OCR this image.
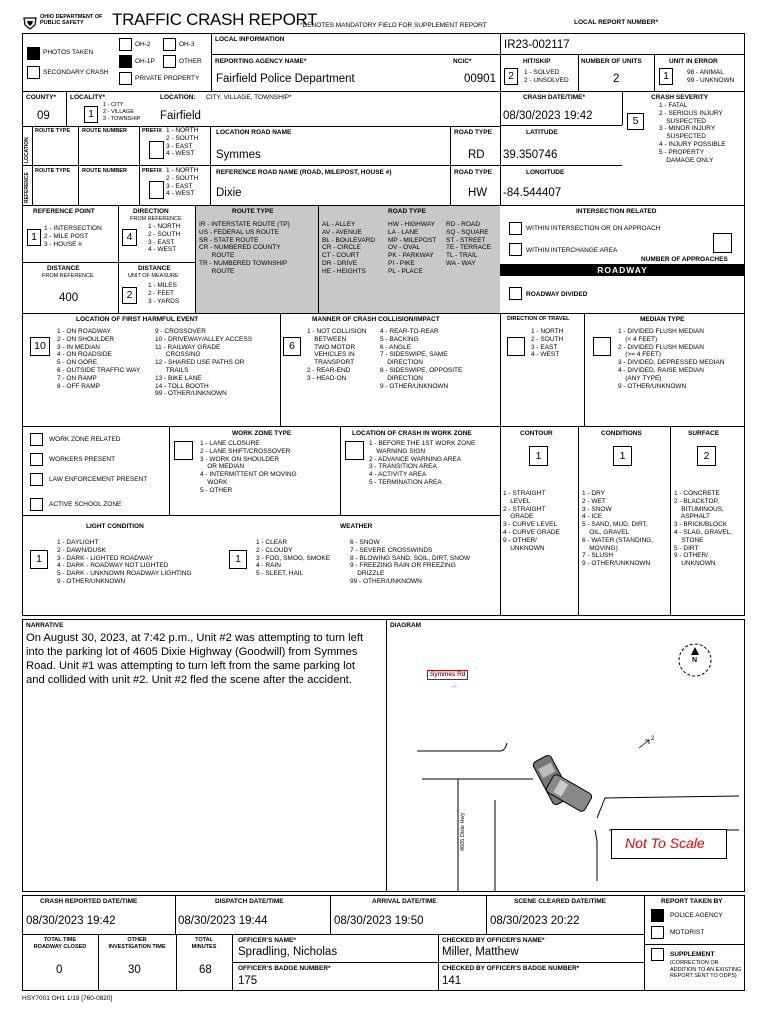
OHIO DEPARTMENT OF PUBLIC SAFETY	TRAFFIC CRASH REPORT
*DENOTES MANDATORY FIELD FOR SUPPLEMENT REPORT	LOCAL REPORT NUMBER*
PHOTOS TAKEN
OH-2	OH-3
OH-1P	OTHER
SECONDARY CRASH
PRIVATE PROPERTY
LOCAL INFORMATION
REPORTING AGENCY NAME*	NCIC*
Fairfield Police Department	00901
IR23-002117
HIT/SKIP
2	1 - SOLVED
2 - UNSOLVED
NUMBER OF UNITS
2
UNIT IN ERROR
1	98 - ANIMAL
99 - UNKNOWN
COUNTY*
09
LOCALITY*
1
1 - CITY
2 - VILLAGE
3 - TOWNSHIP
LOCATION: CITY, VILLAGE, TOWNSHIP*
Fairfield
CRASH DATE/TIME*
08/30/2023 19:42
CRASH SEVERITY
5
1 - FATAL
2 - SERIOUS INJURY
SUSPECTED
3 - MINOR INJURY
SUSPECTED
4 - INJURY POSSIBLE
5 - PROPERTY
DAMAGE ONLY
LOCATION
ROUTE TYPE ROUTE NUMBER	PREFIX 1 - NORTH
2 - SOUTH
3 - EAST
4 - WEST
LOCATION ROAD NAME	ROAD TYPE
Symmes	RD
LATITUDE
39.350746
REFERENCE
ROUTE TYPE ROUTE NUMBER	PREFIX 1 - NORTH
2 - SOUTH
3 - EAST
4 - WEST
REFERENCE ROAD NAME (ROAD, MILEPOST, HOUSE #)	ROAD TYPE
Dixie	HW
LONGITUDE
-84.544407
REFERENCE POINT
1
1 - INTERSECTION
2 - MILE POST
3 - HOUSE #
DIRECTION
FROM REFERENCE
4
1 - NORTH
2 - SOUTH
3 - EAST
4 - WEST
DISTANCE
FROM REFERENCE
400
DISTANCE
UNIT OF MEASURE
2
1 - MILES
2 - FEET
3 - YARDS
ROUTE TYPE
IR - INTERSTATE ROUTE (TP)
US - FEDERAL US ROUTE
SR - STATE ROUTE
CR - NUMBERED COUNTY
ROUTE
TR - NUMBERED TOWNSHIP
ROUTE
ROAD TYPE
AL - ALLEY
AV - AVENUE
BL - BOULEVARD
CR - CIRCLE
CT - COURT
DR - DRIVE
HE - HEIGHTS
HW - HIGHWAY
LA - LANE
MP - MILEPOST
OV - OVAL
PK - PARKWAY
PI - PIKE
PL - PLACE
RD - ROAD
SQ - SQUARE
ST - STREET
TE - TERRACE
TL - TRAIL
WA - WAY
INTERSECTION RELATED
WITHIN INTERSECTION OR ON APPROACH
WITHIN INTERCHANGE AREA
NUMBER OF APPROACHES
ROADWAY
ROADWAY DIVIDED
LOCATION OF FIRST HARMFUL EVENT
10
1 - ON ROADWAY
2 - ON SHOULDER
3 - IN MEDIAN
4 - ON ROADSIDE
5 - ON GORE
6 - OUTSIDE TRAFFIC WAY
7 - ON RAMP
8 - OFF RAMP
9 - CROSSOVER
10 - DRIVEWAY/ALLEY ACCESS
11 - RAILWAY GRADE
CROSSING
12 - SHARED USE PATHS OR
TRAILS
13 - BIKE LANE
14 - TOLL BOOTH
99 - OTHER/UNKNOWN
MANNER OF CRASH COLLISION/IMPACT
6
1 - NOT COLLISION
BETWEEN
TWO MOTOR
VEHICLES IN
TRANSPORT
2 - REAR-END
3 - HEAD-ON
4 - REAR-TO-REAR
5 - BACKING
6 - ANGLE
7 - SIDESWIPE, SAME
DIRECTION
8 - SIDESWIPE, OPPOSITE
DIRECTION
9 - OTHER/UNKNOWN
DIRECTION OF TRAVEL
1 - NORTH
2 - SOUTH
3 - EAST
4 - WEST
MEDIAN TYPE
1 - DIVIDED FLUSH MEDIAN
(< 4 FEET)
2 - DIVIDED FLUSH MEDIAN
(>= 4 FEET)
3 - DIVIDED, DEPRESSED MEDIAN
4 - DIVIDED, RAISE MEDIAN
(ANY TYPE)
9 - OTHER/UNKNOWN
WORK ZONE RELATED
WORKERS PRESENT
LAW ENFORCEMENT PRESENT
ACTIVE SCHOOL ZONE
WORK ZONE TYPE
1 - LANE CLOSURE
2 - LANE SHIFT/CROSSOVER
3 - WORK ON SHOULDER
OR MEDIAN
4 - INTERMITTENT OR MOVING
WORK
5 - OTHER
LOCATION OF CRASH IN WORK ZONE
1 - BEFORE THE 1ST WORK ZONE
WARNING SIGN
2 - ADVANCE WARNING AREA
3 - TRANSITION AREA
4 - ACTIVITY AREA
5 - TERMINATION AREA
CONTOUR
1
1 - STRAIGHT
LEVEL
2 - STRAIGHT
GRADE
3 - CURVE LEVEL
4 - CURVE GRADE
9 - OTHER/
UNKNOWN
CONDITIONS
1
1 - DRY
2 - WET
3 - SNOW
4 - ICE
5 - SAND, MUD, DIRT,
OIL, GRAVEL
6 - WATER (STANDING,
MOVING)
7 - SLUSH
9 - OTHER/UNKNOWN
SURFACE
2
1 - CONCRETE
2 - BLACKTOP,
BITUMINOUS,
ASPHALT
3 - BRICK/BLOCK
4 - SLAG, GRAVEL,
STONE
5 - DIRT
9 - OTHER/
UNKNOWN
LIGHT CONDITION
1
1 - DAYLIGHT
2 - DAWN/DUSK
3 - DARK - LIGHTED ROADWAY
4 - DARK - ROADWAY NOT LIGHTED
5 - DARK - UNKNOWN ROADWAY LIGHTING
9 - OTHER/UNKNOWN
WEATHER
1
1 - CLEAR
2 - CLOUDY
3 - FOG, SMOG, SMOKE
4 - RAIN
5 - SLEET, HAIL
6 - SNOW
7 - SEVERE CROSSWINDS
8 - BLOWING SAND, SOIL, DIRT, SNOW
9 - FREEZING RAIN OR FREEZING
DRIZZLE
99 - OTHER/UNKNOWN
NARRATIVE
On August 30, 2023, at 7:42 p.m., Unit #2 was attempting to turn left into the parking lot of 4605 Dixie Highway (Goodwill) from Symmes Road. Unit #1 was attempting to turn left from the same parking lot and collided with unit #2. Unit #2 fled the scene after the accident.
DIAGRAM
⌒
Symmes Rd
4605 Dixie Hwy
N
2
Not To Scale
CRASH REPORTED DATE/TIME
08/30/2023 19:42
DISPATCH DATE/TIME
08/30/2023 19:44
ARRIVAL DATE/TIME
08/30/2023 19:50
SCENE CLEARED DATE/TIME
08/30/2023 20:22
REPORT TAKEN BY
POLICE AGENCY
MOTORIST
TOTAL TIME
ROADWAY CLOSED
0
OTHER
INVESTIGATION TIME
30
TOTAL
MINUTES
68
OFFICER'S NAME*
Spradling, Nicholas
OFFICER'S BADGE NUMBER*
175
CHECKED BY OFFICER'S NAME*
Miller, Matthew
CHECKED BY OFFICER'S BADGE NUMBER*
141
SUPPLEMENT
(CORRECTION OR
ADDITION TO AN EXISTING
REPORT SENT TO ODPS)
HSY7001 OH1 1/19 [760-0820]
